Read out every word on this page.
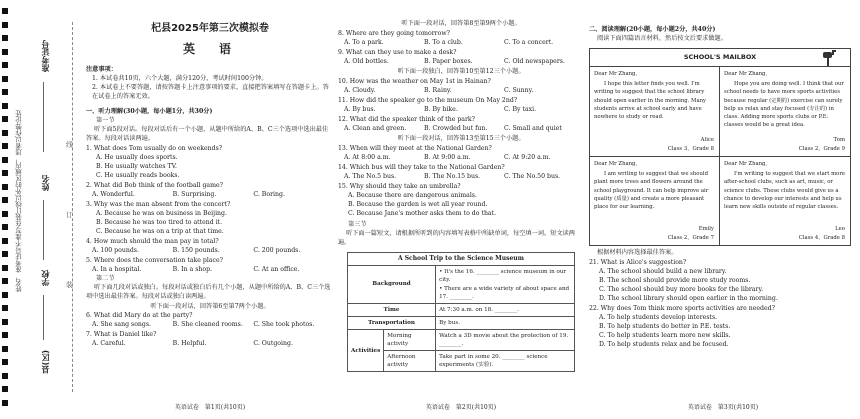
姓名、准考证号不准写在装订线以外的区域内，违者以作弊论处
准考证号
姓名
学校
县(区)
线
订
装
杞县2025年第三次模拟卷
英　语
注意事项：

1. 本试卷共10页，六个大题，满分120分，考试时间100分钟。

2. 本试卷上不要答题，请按答题卡上注意事项的要求，直接把答案填写在答题卡上。答在试卷上的答案无效。

一、听力理解(30小题，每小题1分，共30分)
第一节
听下面5段对话。每段对话后有一个小题，从题中所给的A、B、C三个选项中选出最佳答案。每段对话读两遍。
1. What does Tom usually do on weekends?
A. He usually does sports.
B. He usually watches TV.
C. He usually reads books.
2. What did Bob think of the football game?
A. Wonderful.	B. Surprising.	C. Boring.
3. Why was the man absent from the concert?
A. Because he was on business in Beijing.
B. Because he was too tired to attend it.
C. Because he was on a trip at that time.
4. How much should the man pay in total?
A. 100 pounds.	B. 150 pounds.	C. 200 pounds.
5. Where does the conversation take place?
A. In a hospital.	B. In a shop.	C. At an office.
第二节
听下面几段对话或独白。每段对话或独白后有几个小题，从题中所给的A、B、C三个选项中选出最佳答案。每段对话或独白读两遍。
听下面一段对话，回答第6至第7两个小题。
6. What did Mary do at the party?
A. She sang songs.	B. She cleaned rooms.	C. She took photos.
7. What is Daniel like?
A. Careful.	B. Helpful.	C. Outgoing.
英语试卷　第1页(共10页)
听下面一段对话，回答第8至第9两个小题。
8. Where are they going tomorrow?
A. To a park.	B. To a club.	C. To a concert.
9. What can they use to make a desk?
A. Old bottles.	B. Paper boxes.	C. Old newspapers.
听下面一段独白，回答第10至第12三个小题。
10. How was the weather on May 1st in Hainan?
A. Cloudy.	B. Rainy.	C. Sunny.
11. How did the speaker go to the museum On May 2nd?
A. By bus.	B. By bike.	C. By taxi.
12. What did the speaker think of the park?
A. Clean and green.	B. Crowded but fun.	C. Small and quiet
听下面一段对话，回答第13至第15三个小题。
13. When will they meet at the National Garden?
A. At 8:00 a.m.	B. At 9:00 a.m.	C. At 9:20 a.m.
14. Which bus will they take to the National Garden?
A. The No.5 bus.	B. The No.15 bus.	C. The No.50 bus.
15. Why should they take an umbrella?
A. Because there are dangerous animals.
B. Because the garden is wet all year round.
C. Because Jane's mother asks them to do that.
第三节
听下面一篇短文，请根据所听到的内容填写表格中所缺单词，每空填一词。短文读两遍。
A School Trip to the Science Museum		
Background		• It's the 16. ________ science museum in our city.
• There are a wide variety of about space and 17. ________.

Time		At 7:30 a.m. on 18. ________.
Transportation		By bus.
Activities	Morning activity	Watch a 3D movie about the protection of 19. ________.
	Afternoon activity	Take part in some 20. ________ science experiments (实验).
英语试卷　第2页(共10页)
二、阅读理解(20小题，每小题2分，共40分)
阅读下面四篇语言材料，然后按文后要求做题。
SCHOOL'S MAILBOX
Dear Mr Zhang,
I hope this letter finds you well. I'm writing to suggest that the school library should open earlier in the morning. Many students arrive at school early and have nowhere to study or read.
Alice
Class 3，Grade 8
Dear Mr Zhang,
Hope you are doing well. I think that our school needs to have more sports activities because regular (定期的) exercise can surely help us relax and stay focused (专注的) in class. Adding more sports clubs or P.E. classes would be a great idea.
Tom
Class 2，Grade 9
Dear Mr Zhang,
I am writing to suggest that we should plant more trees and flowers around the school playground. It can help improve air quality (质量) and create a more pleasant place for our learning.
Emily
Class 2，Grade 7
Dear Mr Zhang,
I'm writing to suggest that we start more after-school clubs, such as art, music, or science clubs. These clubs would give us a chance to develop our interests and help us learn new skills outside of regular classes.
Leo
Class 4，Grade 8
根据材料内容选择最佳答案。
21. What is Alice's suggestion?
A. The school should build a new library.
B. The school should provide more study rooms.
C. The school should buy more books for the library.
D. The school library should open earlier in the morning.
22. Why does Tom think more sports activities are needed?
A. To help students develop interests.
B. To help students do better in P.E. tests.
C. To help students learn more new skills.
D. To help students relax and be focused.
英语试卷　第3页(共10页)
